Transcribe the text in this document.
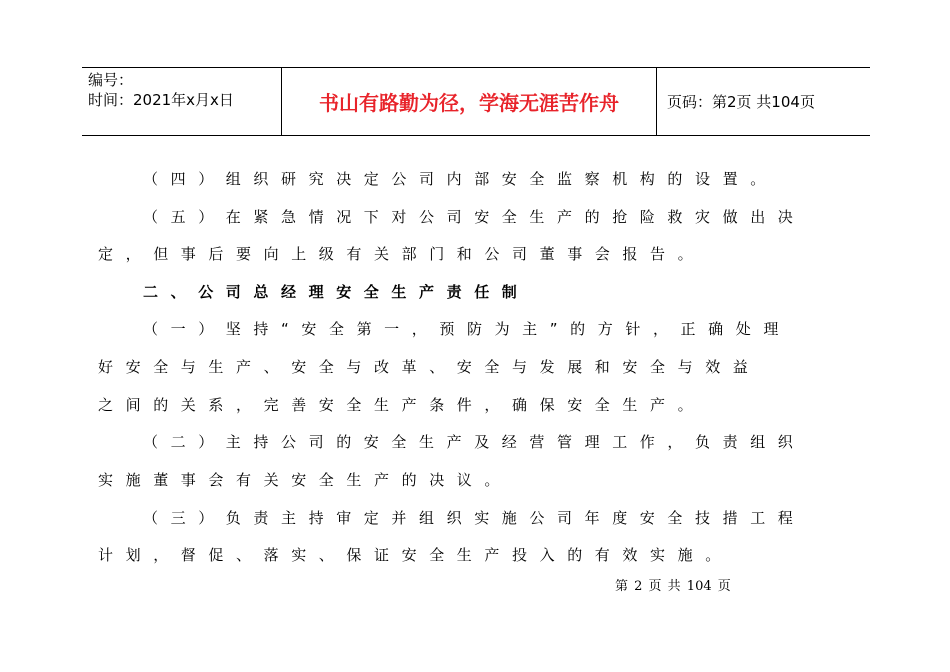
编号：
时间：2021年x月x日	书山有路勤为径，学海无涯苦作舟	页码：第2页 共104页
（四）组织研究决定公司内部安全监察机构的设置。
（五）在紧急情况下对公司安全生产的抢险救灾做出决
定，但事后要向上级有关部门和公司董事会报告。
二、公司总经理安全生产责任制
（一）坚持“安全第一，预防为主”的方针，正确处理
好安全与生产、安全与改革、安全与发展和安全与效益
之间的关系，完善安全生产条件，确保安全生产。
（二）主持公司的安全生产及经营管理工作，负责组织
实施董事会有关安全生产的决议。
（三）负责主持审定并组织实施公司年度安全技措工程
计划，督促、落实、保证安全生产投入的有效实施。
第 2 页 共 104 页
